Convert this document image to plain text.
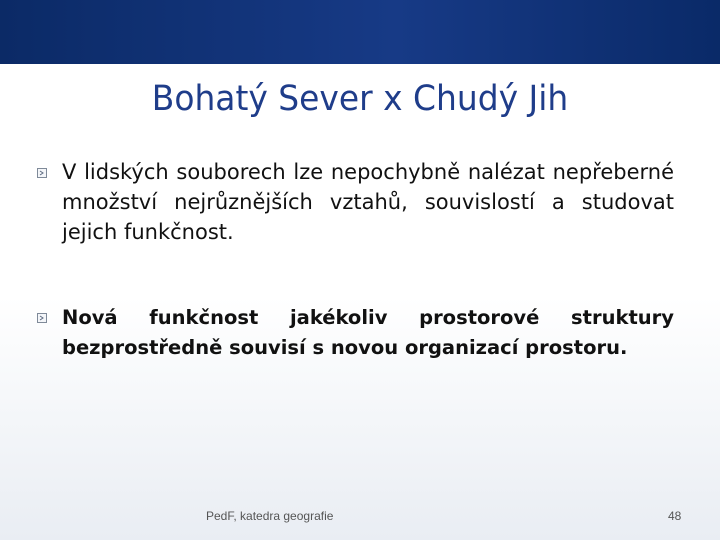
Bohatý Sever x Chudý Jih

V lidských souborech lze nepochybně nalézat nepřeberné množství nejrůznějších vztahů, souvislostí a studovat jejich funkčnost.

Nová funkčnost jakékoliv prostorové struktury bezprostředně souvisí s novou organizací prostoru.

PedF, katedra geografie	48
